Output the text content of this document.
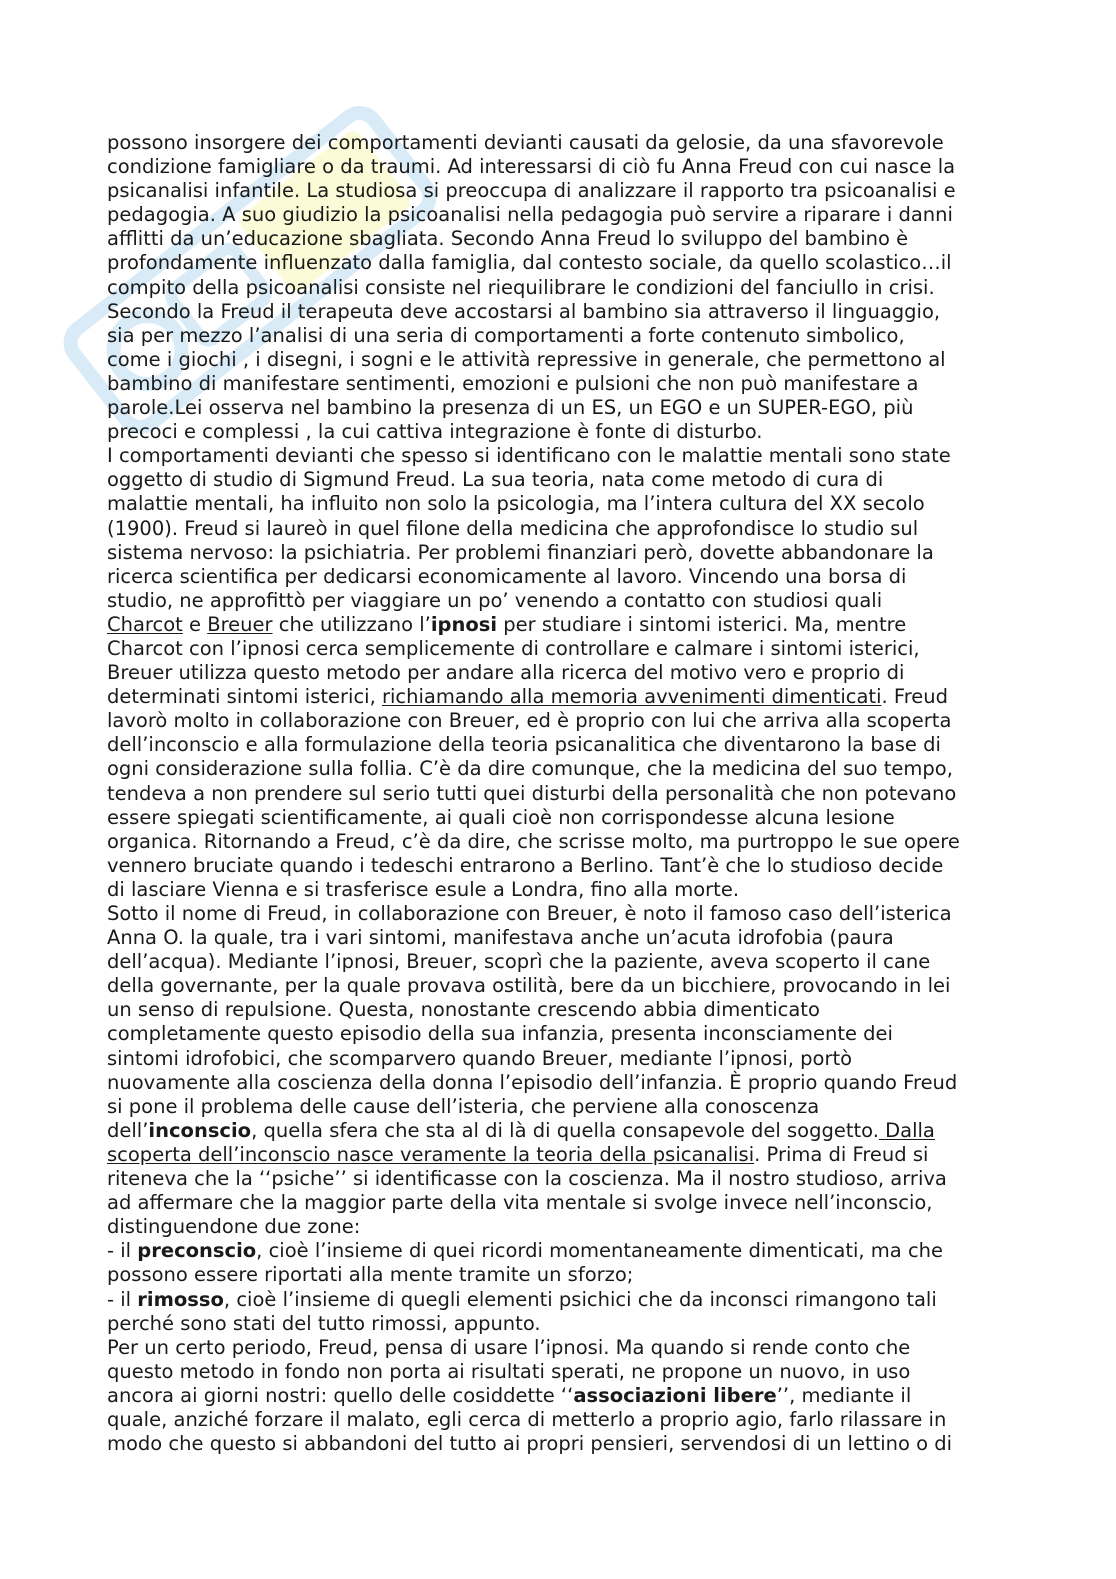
possono insorgere dei comportamenti devianti causati da gelosie, da una sfavorevole
condizione famigliare o da traumi. Ad interessarsi di ciò fu Anna Freud con cui nasce la
psicanalisi infantile. La studiosa si preoccupa di analizzare il rapporto tra psicoanalisi e
pedagogia. A suo giudizio la psicoanalisi nella pedagogia può servire a riparare i danni
afflitti da un’educazione sbagliata. Secondo Anna Freud lo sviluppo del bambino è
profondamente influenzato dalla famiglia, dal contesto sociale, da quello scolastico…il
compito della psicoanalisi consiste nel riequilibrare le condizioni del fanciullo in crisi.
Secondo la Freud il terapeuta deve accostarsi al bambino sia attraverso il linguaggio,
sia per mezzo l’analisi di una seria di comportamenti a forte contenuto simbolico,
come i giochi , i disegni, i sogni e le attività repressive in generale, che permettono al
bambino di manifestare sentimenti, emozioni e pulsioni che non può manifestare a
parole.Lei osserva nel bambino la presenza di un ES, un EGO e un SUPER-EGO, più
precoci e complessi , la cui cattiva integrazione è fonte di disturbo.
I comportamenti devianti che spesso si identificano con le malattie mentali sono state
oggetto di studio di Sigmund Freud. La sua teoria, nata come metodo di cura di
malattie mentali, ha influito non solo la psicologia, ma l’intera cultura del XX secolo
(1900). Freud si laureò in quel filone della medicina che approfondisce lo studio sul
sistema nervoso: la psichiatria. Per problemi finanziari però, dovette abbandonare la
ricerca scientifica per dedicarsi economicamente al lavoro. Vincendo una borsa di
studio, ne approfittò per viaggiare un po’ venendo a contatto con studiosi quali
Charcot e Breuer che utilizzano l’ipnosi per studiare i sintomi isterici. Ma, mentre
Charcot con l’ipnosi cerca semplicemente di controllare e calmare i sintomi isterici,
Breuer utilizza questo metodo per andare alla ricerca del motivo vero e proprio di
determinati sintomi isterici, richiamando alla memoria avvenimenti dimenticati. Freud
lavorò molto in collaborazione con Breuer, ed è proprio con lui che arriva alla scoperta
dell’inconscio e alla formulazione della teoria psicanalitica che diventarono la base di
ogni considerazione sulla follia. C’è da dire comunque, che la medicina del suo tempo,
tendeva a non prendere sul serio tutti quei disturbi della personalità che non potevano
essere spiegati scientificamente, ai quali cioè non corrispondesse alcuna lesione
organica. Ritornando a Freud, c’è da dire, che scrisse molto, ma purtroppo le sue opere
vennero bruciate quando i tedeschi entrarono a Berlino. Tant’è che lo studioso decide
di lasciare Vienna e si trasferisce esule a Londra, fino alla morte.
Sotto il nome di Freud, in collaborazione con Breuer, è noto il famoso caso dell’isterica
Anna O. la quale, tra i vari sintomi, manifestava anche un’acuta idrofobia (paura
dell’acqua). Mediante l’ipnosi, Breuer, scoprì che la paziente, aveva scoperto il cane
della governante, per la quale provava ostilità, bere da un bicchiere, provocando in lei
un senso di repulsione. Questa, nonostante crescendo abbia dimenticato
completamente questo episodio della sua infanzia, presenta inconsciamente dei
sintomi idrofobici, che scomparvero quando Breuer, mediante l’ipnosi, portò
nuovamente alla coscienza della donna l’episodio dell’infanzia. È proprio quando Freud
si pone il problema delle cause dell’isteria, che perviene alla conoscenza
dell’inconscio, quella sfera che sta al di là di quella consapevole del soggetto. Dalla
scoperta dell’inconscio nasce veramente la teoria della psicanalisi. Prima di Freud si
riteneva che la ‘‘psiche’’ si identificasse con la coscienza. Ma il nostro studioso, arriva
ad affermare che la maggior parte della vita mentale si svolge invece nell’inconscio,
distinguendone due zone:
- il preconscio, cioè l’insieme di quei ricordi momentaneamente dimenticati, ma che
possono essere riportati alla mente tramite un sforzo;
- il rimosso, cioè l’insieme di quegli elementi psichici che da inconsci rimangono tali
perché sono stati del tutto rimossi, appunto.
Per un certo periodo, Freud, pensa di usare l’ipnosi. Ma quando si rende conto che
questo metodo in fondo non porta ai risultati sperati, ne propone un nuovo, in uso
ancora ai giorni nostri: quello delle cosiddette ‘‘associazioni libere’’, mediante il
quale, anziché forzare il malato, egli cerca di metterlo a proprio agio, farlo rilassare in
modo che questo si abbandoni del tutto ai propri pensieri, servendosi di un lettino o di
